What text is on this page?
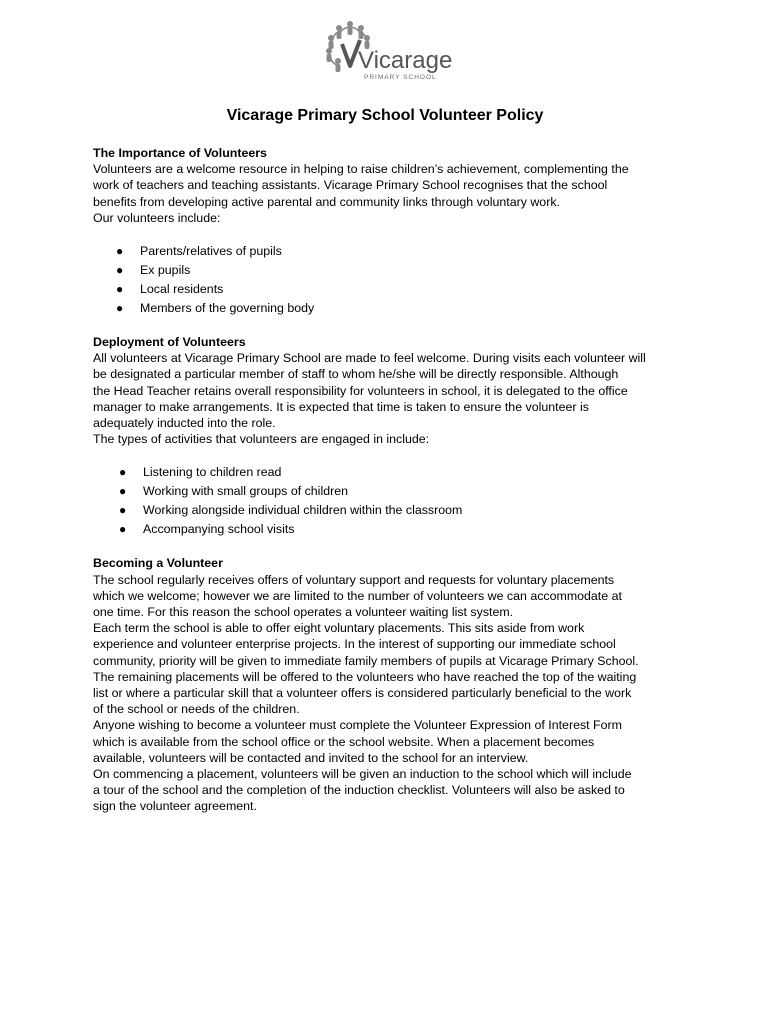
Vicarage
PRIMARY SCHOOL
Vicarage Primary School Volunteer Policy

The Importance of Volunteers

Volunteers are a welcome resource in helping to raise children’s achievement, complementing the

work of teachers and teaching assistants. Vicarage Primary School recognises that the school

benefits from developing active parental and community links through voluntary work.

Our volunteers include:

● Parents/relatives of pupils
● Ex pupils
● Local residents
● Members of the governing body

Deployment of Volunteers

All volunteers at Vicarage Primary School are made to feel welcome. During visits each volunteer will

be designated a particular member of staff to whom he/she will be directly responsible. Although

the Head Teacher retains overall responsibility for volunteers in school, it is delegated to the office

manager to make arrangements. It is expected that time is taken to ensure the volunteer is

adequately inducted into the role.

The types of activities that volunteers are engaged in include:

● Listening to children read
● Working with small groups of children
● Working alongside individual children within the classroom
● Accompanying school visits

Becoming a Volunteer

The school regularly receives offers of voluntary support and requests for voluntary placements

which we welcome; however we are limited to the number of volunteers we can accommodate at

one time. For this reason the school operates a volunteer waiting list system.

Each term the school is able to offer eight voluntary placements. This sits aside from work

experience and volunteer enterprise projects. In the interest of supporting our immediate school

community, priority will be given to immediate family members of pupils at Vicarage Primary School.

The remaining placements will be offered to the volunteers who have reached the top of the waiting

list or where a particular skill that a volunteer offers is considered particularly beneficial to the work

of the school or needs of the children.

Anyone wishing to become a volunteer must complete the Volunteer Expression of Interest Form

which is available from the school office or the school website. When a placement becomes

available, volunteers will be contacted and invited to the school for an interview.

On commencing a placement, volunteers will be given an induction to the school which will include

a tour of the school and the completion of the induction checklist. Volunteers will also be asked to

sign the volunteer agreement.
